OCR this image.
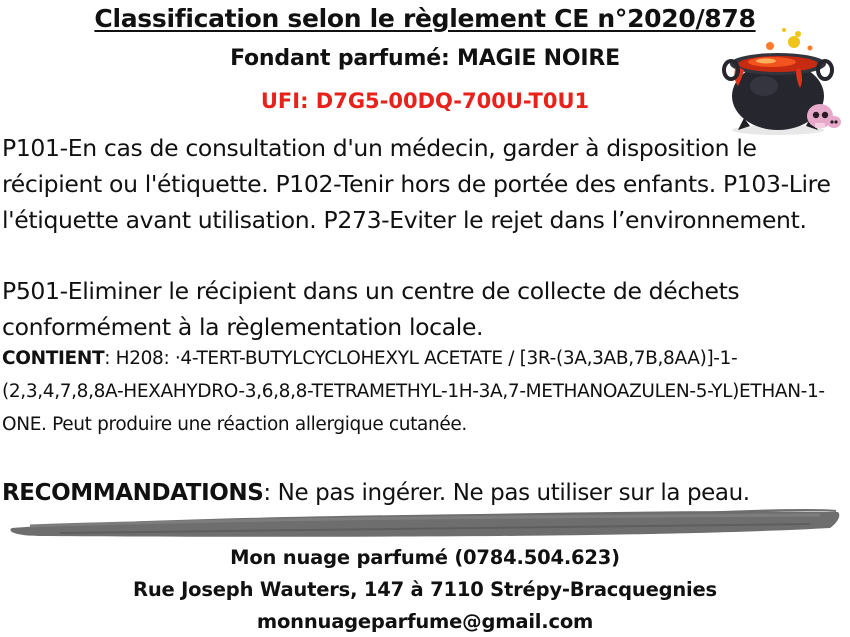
Classification selon le règlement CE n°2020/878
Fondant parfumé: MAGIE NOIRE
UFI: D7G5-00DQ-700U-T0U1

P101-En cas de consultation d'un médecin, garder à disposition le récipient ou l'étiquette. P102-Tenir hors de portée des enfants. P103-Lire l'étiquette avant utilisation. P273-Eviter le rejet dans l’environnement.

P501-Eliminer le récipient dans un centre de collecte de déchets conformément à la règlementation locale.

CONTIENT: H208: ·4-TERT-BUTYLCYCLOHEXYL ACETATE / [3R-(3A,3AB,7B,8AA)]-1-(2,3,4,7,8,8A-HEXAHYDRO-3,6,8,8-TETRAMETHYL-1H-3A,7-METHANOAZULEN-5-YL)ETHAN-1-ONE. Peut produire une réaction allergique cutanée.

RECOMMANDATIONS: Ne pas ingérer. Ne pas utiliser sur la peau.

Mon nuage parfumé (0784.504.623)
Rue Joseph Wauters, 147 à 7110 Strépy-Bracquegnies
monnuageparfume@gmail.com
